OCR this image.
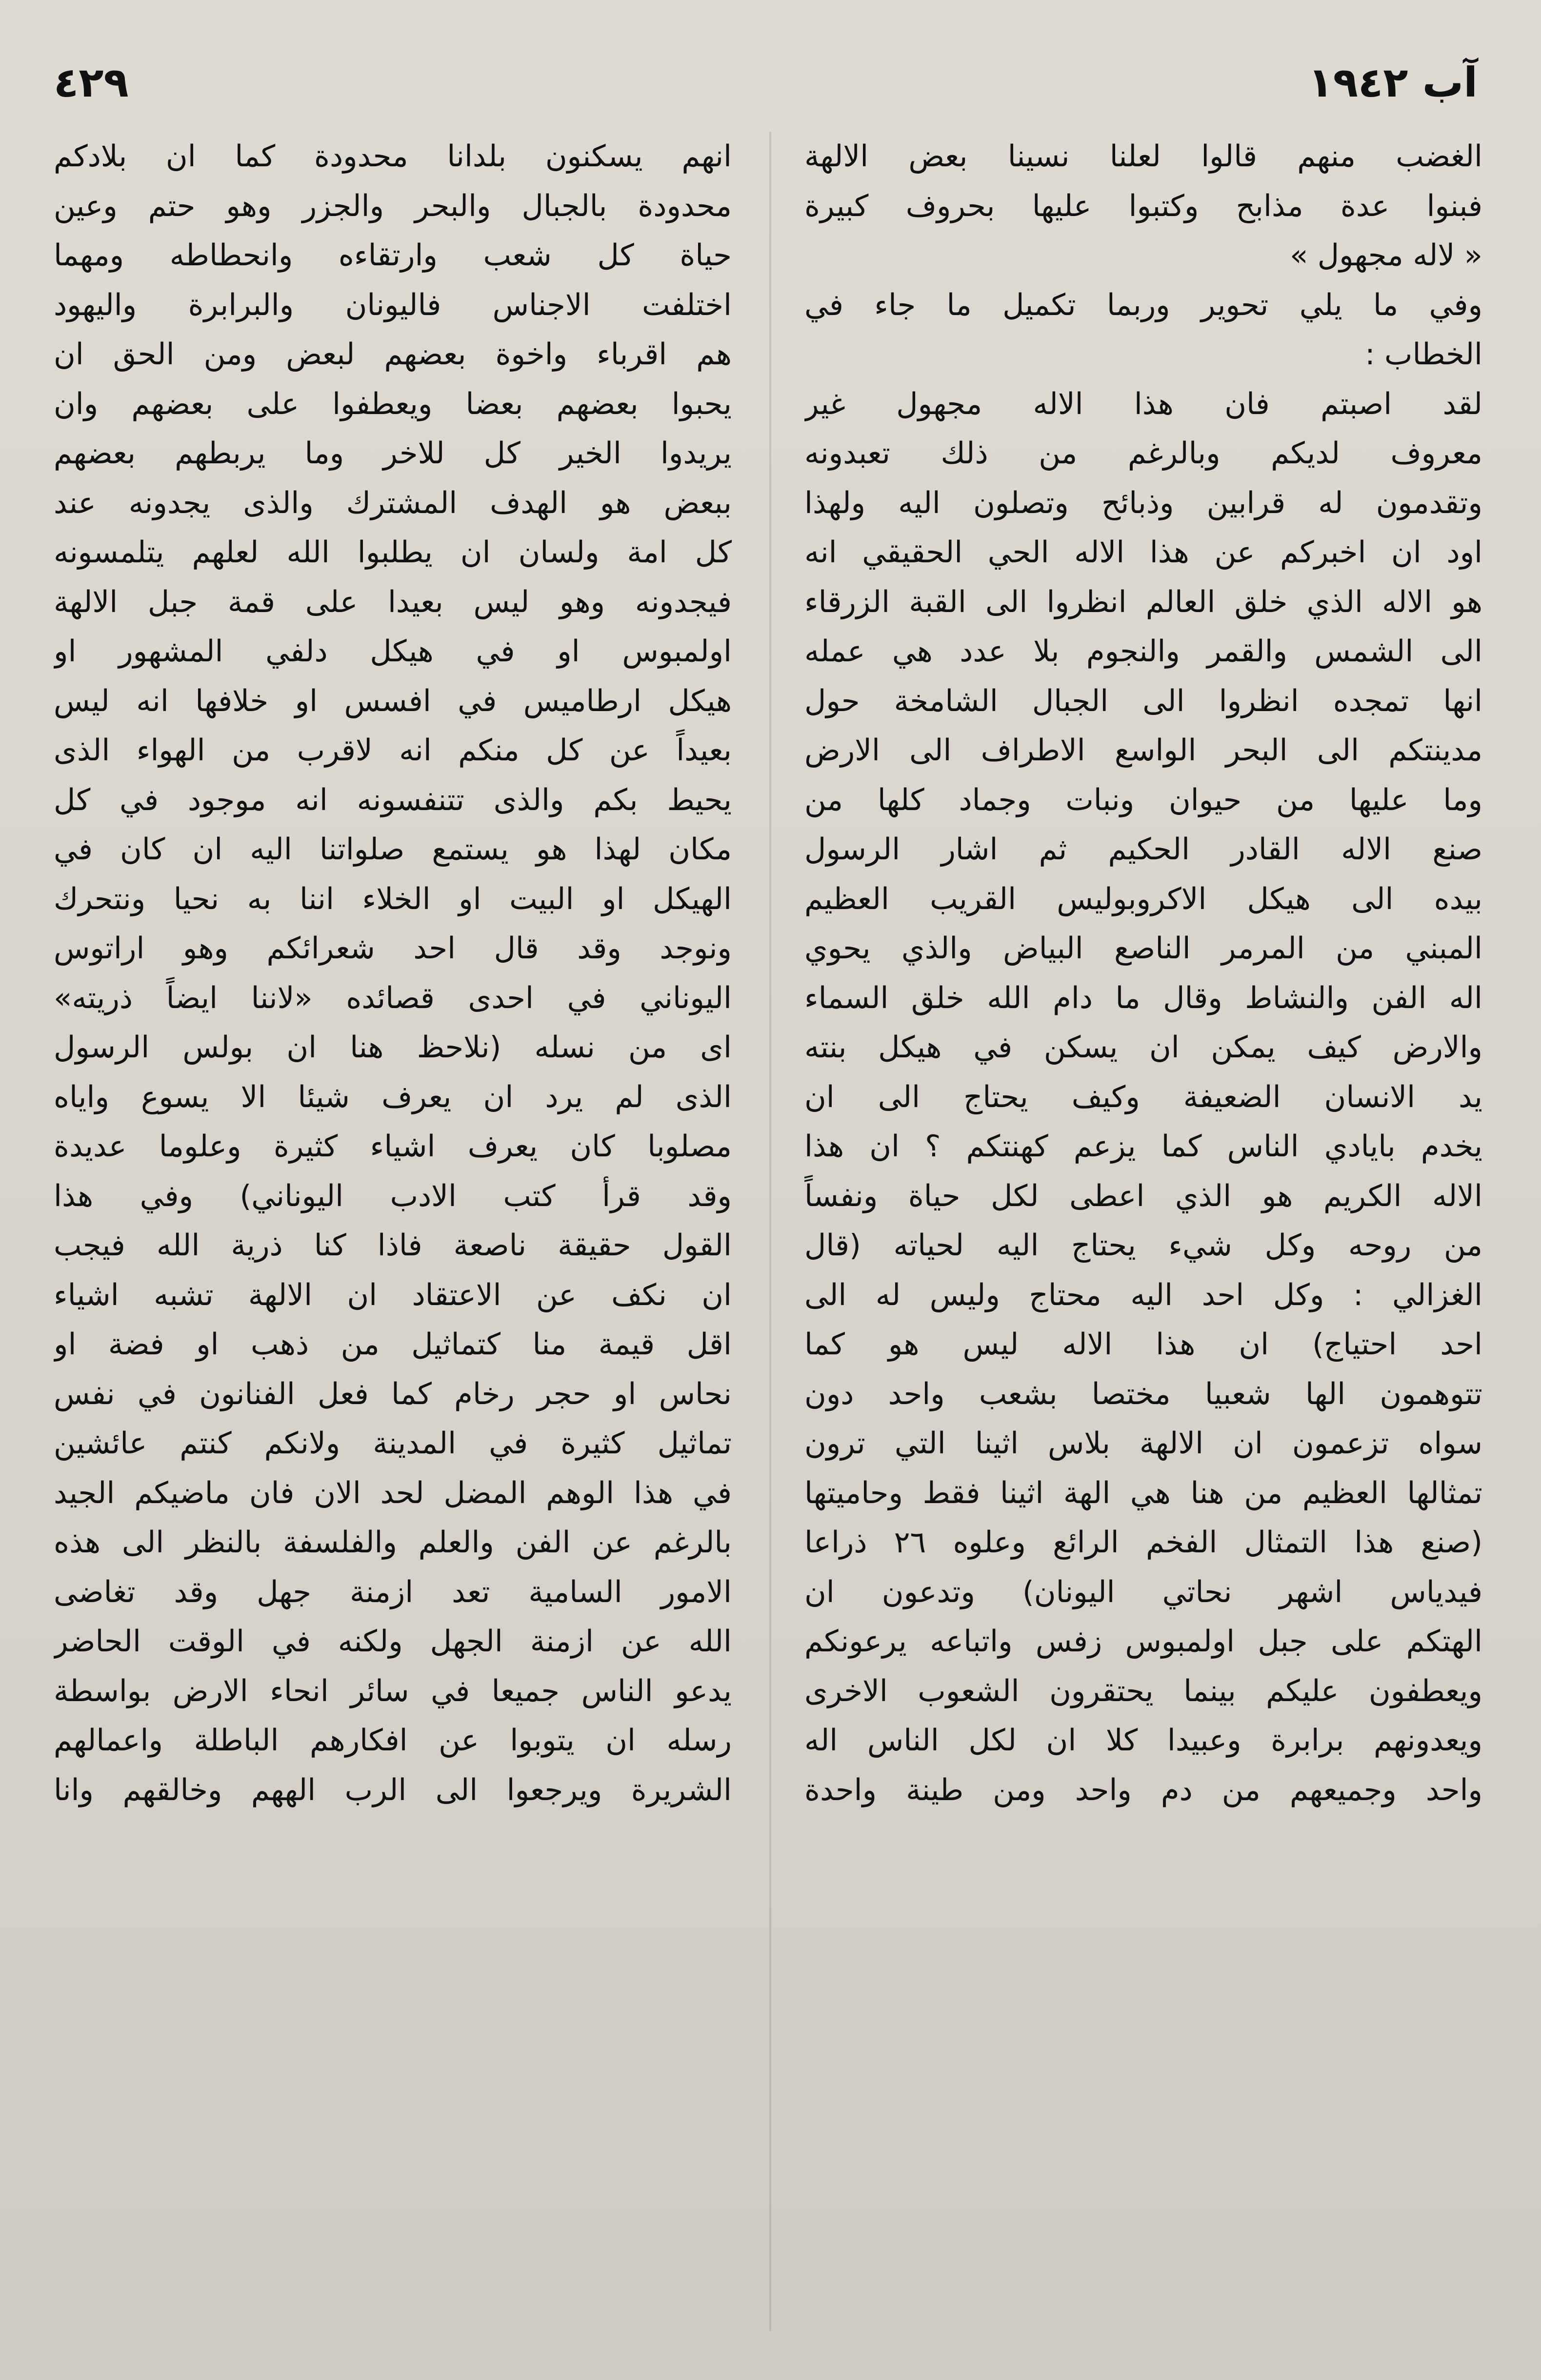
٤٢٩	آب ١٩٤٢
الغضب منهم قالوا لعلنا نسينا بعض الالهة
فبنوا عدة مذابح وكتبوا عليها بحروف كبيرة
« لاله مجهول »
وفي ما يلي تحوير وربما تكميل ما جاء في
الخطاب :
لقد اصبتم فان هذا الاله مجهول غير
معروف لديكم وبالرغم من ذلك تعبدونه
وتقدمون له قرابين وذبائح وتصلون اليه ولهذا
اود ان اخبركم عن هذا الاله الحي الحقيقي انه
هو الاله الذي خلق العالم انظروا الى القبة الزرقاء
الى الشمس والقمر والنجوم بلا عدد هي عمله
انها تمجده انظروا الى الجبال الشامخة حول
مدينتكم الى البحر الواسع الاطراف الى الارض
وما عليها من حيوان ونبات وجماد كلها من
صنع الاله القادر الحكيم ثم اشار الرسول
بيده الى هيكل الاكروبوليس القريب العظيم
المبني من المرمر الناصع البياض والذي يحوي
اله الفن والنشاط وقال ما دام الله خلق السماء
والارض كيف يمكن ان يسكن في هيكل بنته
يد الانسان الضعيفة وكيف يحتاج الى ان
يخدم بايادي الناس كما يزعم كهنتكم ؟ ان هذا
الاله الكريم هو الذي اعطى لكل حياة ونفساً
من روحه وكل شيء يحتاج اليه لحياته (قال
الغزالي : وكل احد اليه محتاج وليس له الى
احد احتياج) ان هذا الاله ليس هو كما
تتوهمون الها شعبيا مختصا بشعب واحد دون
سواه تزعمون ان الالهة بلاس اثينا التي ترون
تمثالها العظيم من هنا هي الهة اثينا فقط وحاميتها
(صنع هذا التمثال الفخم الرائع وعلوه ٢٦ ذراعا
فيدياس اشهر نحاتي اليونان) وتدعون ان
الهتكم على جبل اولمبوس زفس واتباعه يرعونكم
ويعطفون عليكم بينما يحتقرون الشعوب الاخرى
ويعدونهم برابرة وعبيدا كلا ان لكل الناس اله
واحد وجميعهم من دم واحد ومن طينة واحدة
انهم يسكنون بلدانا محدودة كما ان بلادكم
محدودة بالجبال والبحر والجزر وهو حتم وعين
حياة كل شعب وارتقاءه وانحطاطه ومهما
اختلفت الاجناس فاليونان والبرابرة واليهود
هم اقرباء واخوة بعضهم لبعض ومن الحق ان
يحبوا بعضهم بعضا ويعطفوا على بعضهم وان
يريدوا الخير كل للاخر وما يربطهم بعضهم
ببعض هو الهدف المشترك والذى يجدونه عند
كل امة ولسان ان يطلبوا الله لعلهم يتلمسونه
فيجدونه وهو ليس بعيدا على قمة جبل الالهة
اولمبوس او في هيكل دلفي المشهور او
هيكل ارطاميس في افسس او خلافها انه ليس
بعيداً عن كل منكم انه لاقرب من الهواء الذى
يحيط بكم والذى تتنفسونه انه موجود في كل
مكان لهذا هو يستمع صلواتنا اليه ان كان في
الهيكل او البيت او الخلاء اننا به نحيا ونتحرك
ونوجد وقد قال احد شعرائكم وهو اراتوس
اليوناني في احدى قصائده «لاننا ايضاً ذريته»
اى من نسله (نلاحظ هنا ان بولس الرسول
الذى لم يرد ان يعرف شيئا الا يسوع واياه
مصلوبا كان يعرف اشياء كثيرة وعلوما عديدة
وقد قرأ كتب الادب اليوناني) وفي هذا
القول حقيقة ناصعة فاذا كنا ذرية الله فيجب
ان نكف عن الاعتقاد ان الالهة تشبه اشياء
اقل قيمة منا كتماثيل من ذهب او فضة او
نحاس او حجر رخام كما فعل الفنانون في نفس
تماثيل كثيرة في المدينة ولانكم كنتم عائشين
في هذا الوهم المضل لحد الان فان ماضيكم الجيد
بالرغم عن الفن والعلم والفلسفة بالنظر الى هذه
الامور السامية تعد ازمنة جهل وقد تغاضى
الله عن ازمنة الجهل ولكنه في الوقت الحاضر
يدعو الناس جميعا في سائر انحاء الارض بواسطة
رسله ان يتوبوا عن افكارهم الباطلة واعمالهم
الشريرة ويرجعوا الى الرب الههم وخالقهم وانا
